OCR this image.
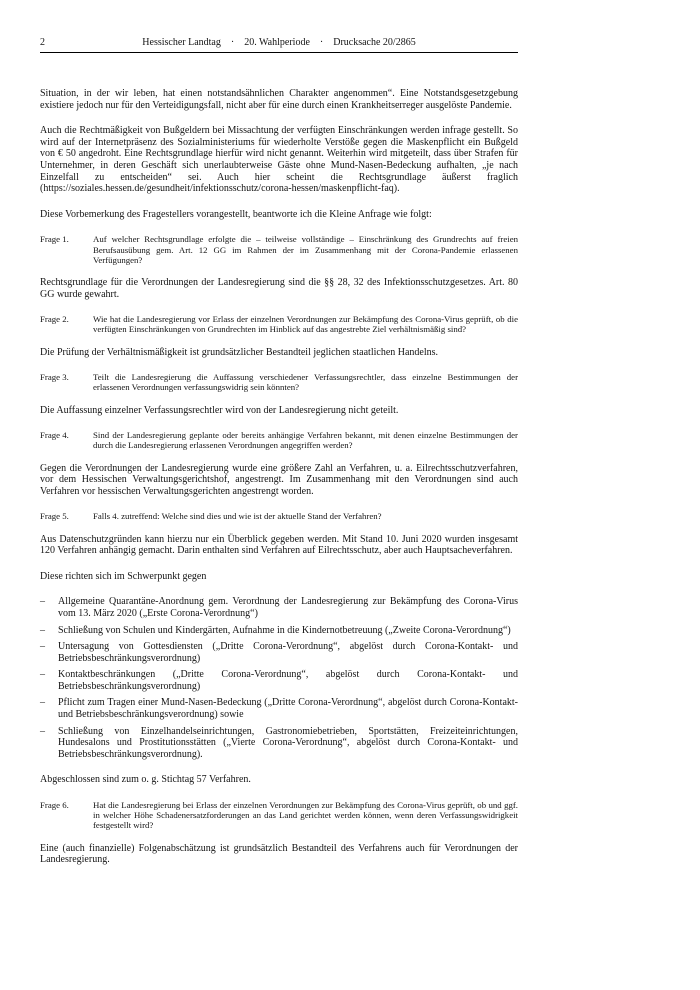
2	Hessischer Landtag · 20. Wahlperiode · Drucksache 20/2865

Situation, in der wir leben, hat einen notstandsähnlichen Charakter angenommen“. Eine Notstandsgesetzgebung existiere jedoch nur für den Verteidigungsfall, nicht aber für eine durch einen Krankheitserreger ausgelöste Pandemie.

Auch die Rechtmäßigkeit von Bußgeldern bei Missachtung der verfügten Einschränkungen werden infrage gestellt. So wird auf der Internetpräsenz des Sozialministeriums für wiederholte Verstöße gegen die Maskenpflicht ein Bußgeld von € 50 angedroht. Eine Rechtsgrundlage hierfür wird nicht genannt. Weiterhin wird mitgeteilt, dass über Strafen für Unternehmer, in deren Geschäft sich unerlaubterweise Gäste ohne Mund-Nasen-Bedeckung aufhalten, „je nach Einzelfall zu entscheiden“ sei. Auch hier scheint die Rechtsgrundlage äußerst fraglich (https://soziales.hessen.de/gesundheit/infektionsschutz/corona-hessen/maskenpflicht-faq).

Diese Vorbemerkung des Fragestellers vorangestellt, beantworte ich die Kleine Anfrage wie folgt:

Frage 1.	Auf welcher Rechtsgrundlage erfolgte die – teilweise vollständige – Einschränkung des Grundrechts auf freien Berufsausübung gem. Art. 12 GG im Rahmen der im Zusammenhang mit der Corona-Pandemie erlassenen Verfügungen?

Rechtsgrundlage für die Verordnungen der Landesregierung sind die §§ 28, 32 des Infektionsschutzgesetzes. Art. 80 GG wurde gewahrt.

Frage 2.	Wie hat die Landesregierung vor Erlass der einzelnen Verordnungen zur Bekämpfung des Corona-Virus geprüft, ob die verfügten Einschränkungen von Grundrechten im Hinblick auf das angestrebte Ziel verhältnismäßig sind?

Die Prüfung der Verhältnismäßigkeit ist grundsätzlicher Bestandteil jeglichen staatlichen Handelns.

Frage 3.	Teilt die Landesregierung die Auffassung verschiedener Verfassungsrechtler, dass einzelne Bestimmungen der erlassenen Verordnungen verfassungswidrig sein könnten?

Die Auffassung einzelner Verfassungsrechtler wird von der Landesregierung nicht geteilt.

Frage 4.	Sind der Landesregierung geplante oder bereits anhängige Verfahren bekannt, mit denen einzelne Bestimmungen der durch die Landesregierung erlassenen Verordnungen angegriffen werden?

Gegen die Verordnungen der Landesregierung wurde eine größere Zahl an Verfahren, u. a. Eilrechtsschutzverfahren, vor dem Hessischen Verwaltungsgerichtshof, angestrengt. Im Zusammenhang mit den Verordnungen sind auch Verfahren vor hessischen Verwaltungsgerichten angestrengt worden.

Frage 5.	Falls 4. zutreffend: Welche sind dies und wie ist der aktuelle Stand der Verfahren?

Aus Datenschutzgründen kann hierzu nur ein Überblick gegeben werden. Mit Stand 10. Juni 2020 wurden insgesamt 120 Verfahren anhängig gemacht. Darin enthalten sind Verfahren auf Eilrechtsschutz, aber auch Hauptsacheverfahren.

Diese richten sich im Schwerpunkt gegen

–	Allgemeine Quarantäne-Anordnung gem. Verordnung der Landesregierung zur Bekämpfung des Corona-Virus vom 13. März 2020 („Erste Corona-Verordnung“)
–	Schließung von Schulen und Kindergärten, Aufnahme in die Kindernotbetreuung („Zweite Corona-Verordnung“)
–	Untersagung von Gottesdiensten („Dritte Corona-Verordnung“, abgelöst durch Corona-Kontakt- und Betriebsbeschränkungsverordnung)
–	Kontaktbeschränkungen („Dritte Corona-Verordnung“, abgelöst durch Corona-Kontakt- und Betriebsbeschränkungsverordnung)
–	Pflicht zum Tragen einer Mund-Nasen-Bedeckung („Dritte Corona-Verordnung“, abgelöst durch Corona-Kontakt- und Betriebsbeschränkungsverordnung) sowie
–	Schließung von Einzelhandelseinrichtungen, Gastronomiebetrieben, Sportstätten, Freizeiteinrichtungen, Hundesalons und Prostitutionsstätten („Vierte Corona-Verordnung“, abgelöst durch Corona-Kontakt- und Betriebsbeschränkungsverordnung).

Abgeschlossen sind zum o. g. Stichtag 57 Verfahren.

Frage 6.	Hat die Landesregierung bei Erlass der einzelnen Verordnungen zur Bekämpfung des Corona-Virus geprüft, ob und ggf. in welcher Höhe Schadenersatzforderungen an das Land gerichtet werden können, wenn deren Verfassungswidrigkeit festgestellt wird?

Eine (auch finanzielle) Folgenabschätzung ist grundsätzlich Bestandteil des Verfahrens auch für Verordnungen der Landesregierung.
